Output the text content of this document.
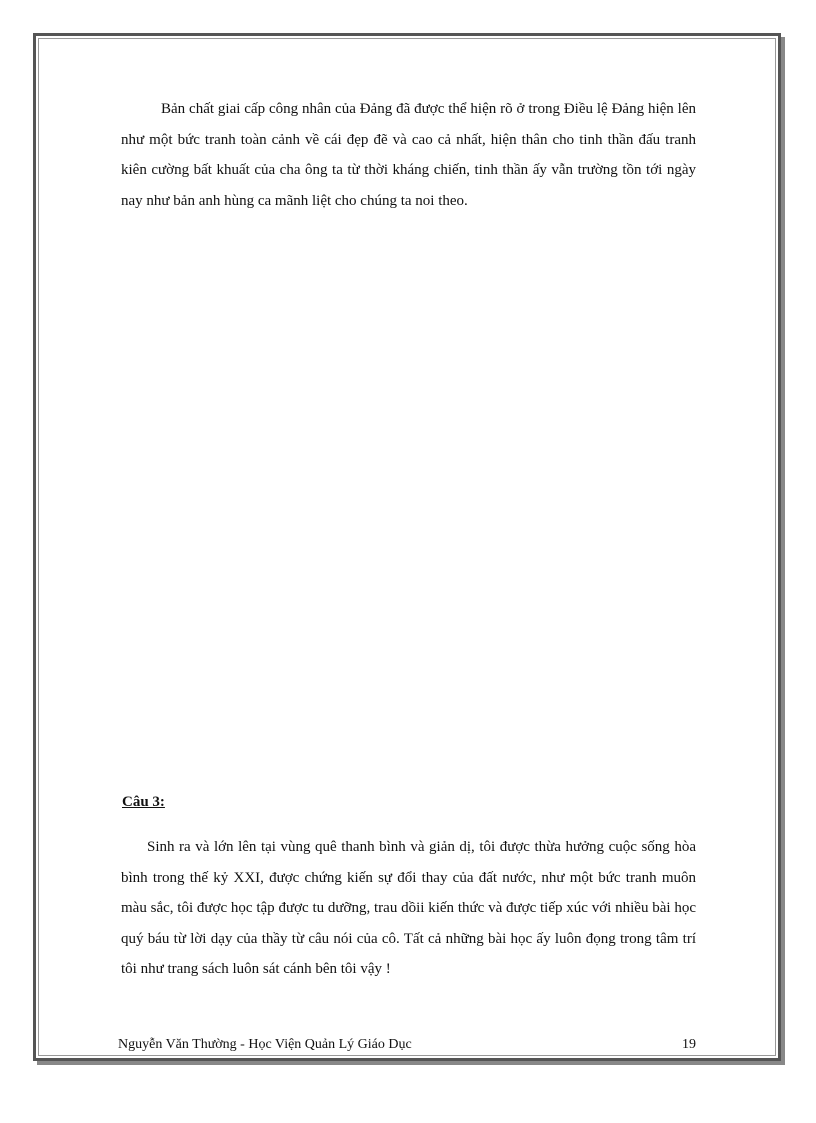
Bản chất giai cấp công nhân của Đảng đã được thể hiện rõ ở trong Điều lệ Đảng hiện lên như một bức tranh toàn cảnh về cái đẹp đẽ và cao cả nhất, hiện thân cho tinh thần đấu tranh kiên cường bất khuất của cha ông ta từ thời kháng chiến, tinh thần ấy vẫn trường tồn tới ngày nay như bản anh hùng ca mãnh liệt cho chúng ta noi theo.

Câu 3:

Sinh ra và lớn lên tại vùng quê thanh bình và giản dị, tôi được thừa hưởng cuộc sống hòa bình trong thế kỷ XXI, được chứng kiến sự đổi thay của đất nước, như một bức tranh muôn màu sắc, tôi được học tập được tu dưỡng, trau dồii kiến thức và được tiếp xúc với nhiều bài học quý báu từ lời dạy của thầy từ câu nói của cô. Tất cả những bài học ấy luôn đọng trong tâm trí tôi như trang sách luôn sát cánh bên tôi vậy !

Nguyễn Văn Thường - Học Viện Quản Lý Giáo Dục	19
